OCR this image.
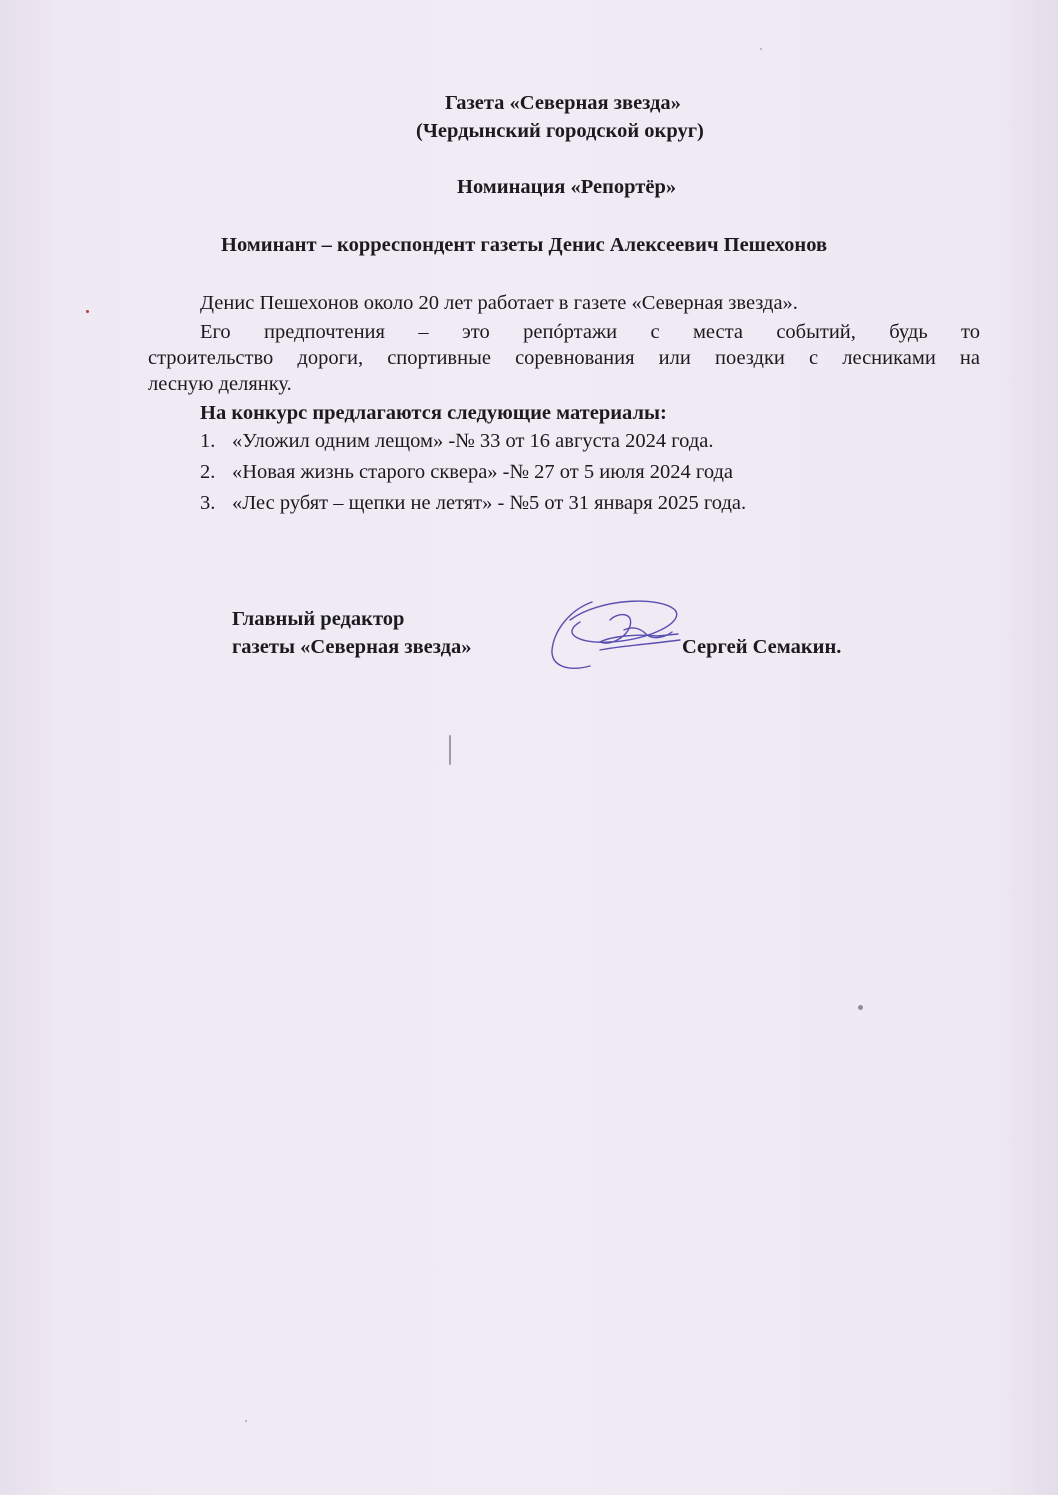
Газета «Северная звезда»
(Чердынский городской округ)
Номинация «Репортёр»
Номинант – корреспондент газеты Денис Алексеевич Пешехонов
Денис Пешехонов около 20 лет работает в газете «Северная звезда».
Его предпочтения – это репóртажи с места событий, будь то
строительство дороги, спортивные соревнования или поездки с лесниками на
лесную делянку.
На конкурс предлагаются следующие материалы:
1. «Уложил одним лещом» -№ 33 от 16 августа 2024 года.
2. «Новая жизнь старого сквера» -№ 27 от 5 июля 2024 года
3. «Лес рубят – щепки не летят» - №5 от 31 января 2025 года.
Главный редактор
газеты «Северная звезда»	Сергей Семакин.
